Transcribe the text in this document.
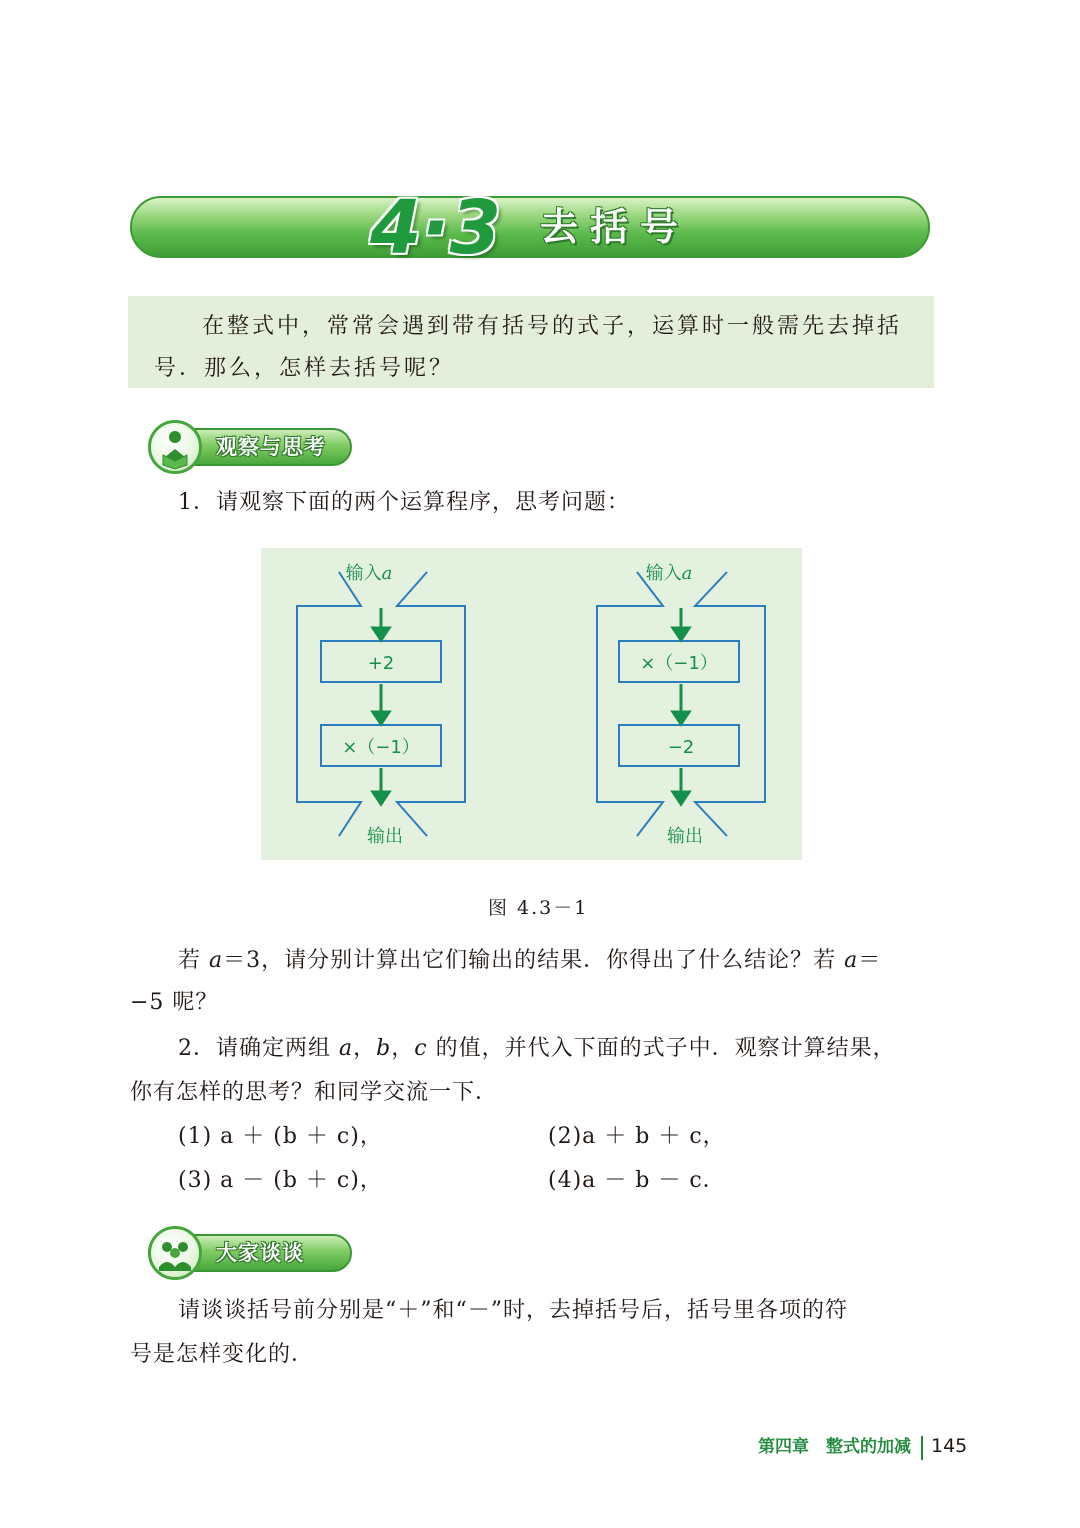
4·3 去括号

在整式中，常常会遇到带有括号的式子，运算时一般需先去掉括号．那么，怎样去括号呢？

观察与思考

1．请观察下面的两个运算程序，思考问题：

输入a
+2
×（−1）
输出
输入a
×（−1）
−2
输出
图 4.3－1

若 a＝3，请分别计算出它们输出的结果．你得出了什么结论？若 a＝

−5 呢？

2．请确定两组 a，b，c 的值，并代入下面的式子中．观察计算结果，

你有怎样的思考？和同学交流一下．

(1) a ＋ (b ＋ c)，	(2)a ＋ b ＋ c，

(3) a － (b ＋ c)，	(4)a － b － c．

大家谈谈

请谈谈括号前分别是“＋”和“－”时，去掉括号后，括号里各项的符

号是怎样变化的．

第四章　整式的加减 145
